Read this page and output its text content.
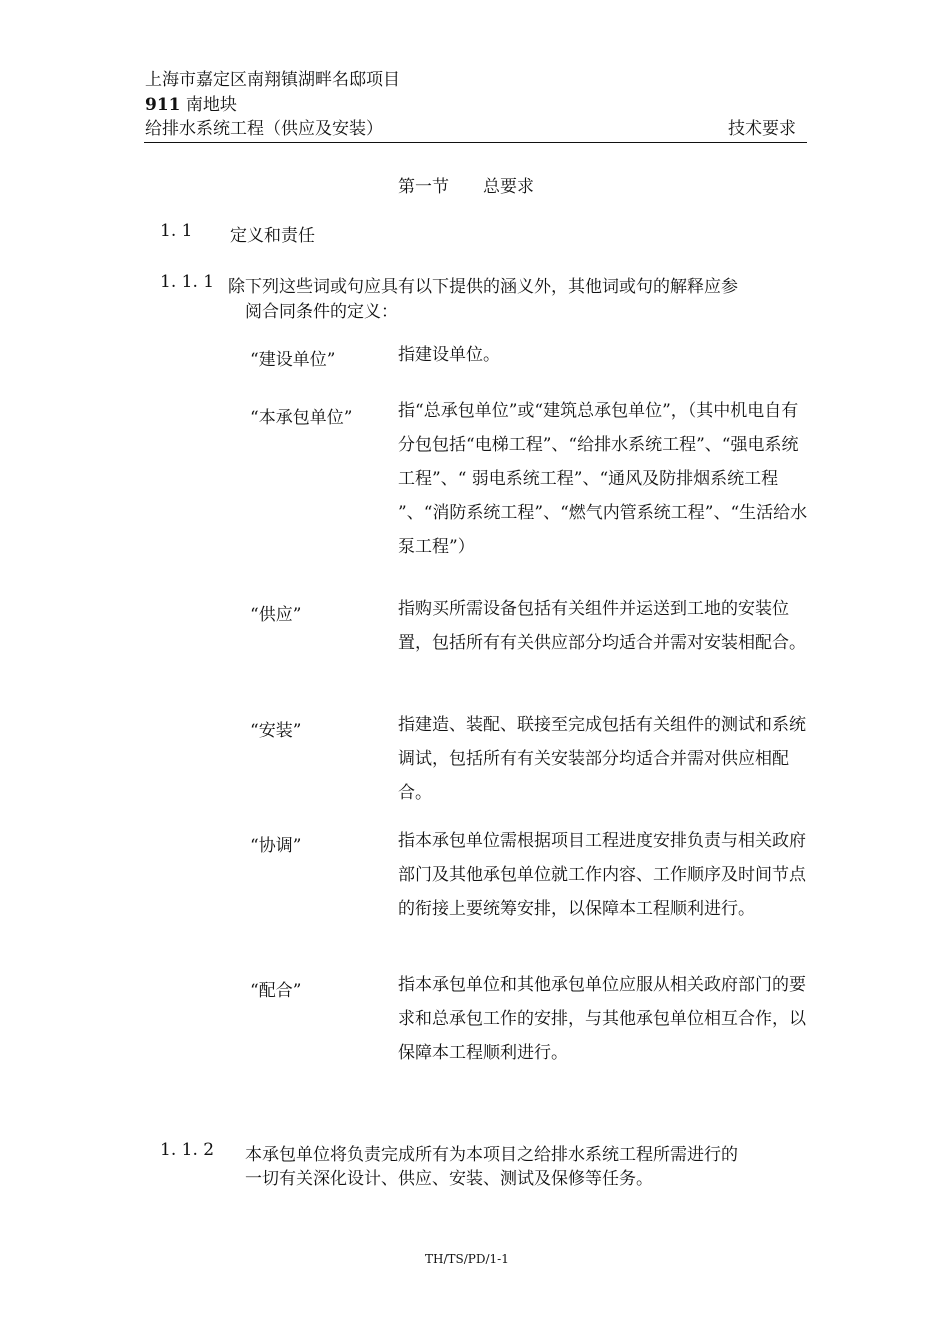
上海市嘉定区南翔镇湖畔名邸项目
911 南地块
给排水系统工程（供应及安装）	技术要求
第一节　　总要求
1. 1 定义和责任
1. 1. 1 除下列这些词或句应具有以下提供的涵义外，其他词或句的解释应参
阅合同条件的定义：
“建设单位”	指建设单位。
“本承包单位”	指“总承包单位”或“建筑总承包单位”，（其中机电自有分包包括“电梯工程”、“给排水系统工程”、“强电系统工程”、“ 弱电系统工程”、“通风及防排烟系统工程 ”、“消防系统工程”、“燃气内管系统工程”、“生活给水泵工程”）
“供应”	指购买所需设备包括有关组件并运送到工地的安装位置，包括所有有关供应部分均适合并需对安装相配合。
“安装”	指建造、装配、联接至完成包括有关组件的测试和系统调试，包括所有有关安装部分均适合并需对供应相配合。
“协调”	指本承包单位需根据项目工程进度安排负责与相关政府部门及其他承包单位就工作内容、工作顺序及时间节点的衔接上要统筹安排，以保障本工程顺利进行。
“配合”	指本承包单位和其他承包单位应服从相关政府部门的要求和总承包工作的安排，与其他承包单位相互合作，以保障本工程顺利进行。
1. 1. 2 本承包单位将负责完成所有为本项目之给排水系统工程所需进行的
一切有关深化设计、供应、安装、测试及保修等任务。
TH/TS/PD/1-1
